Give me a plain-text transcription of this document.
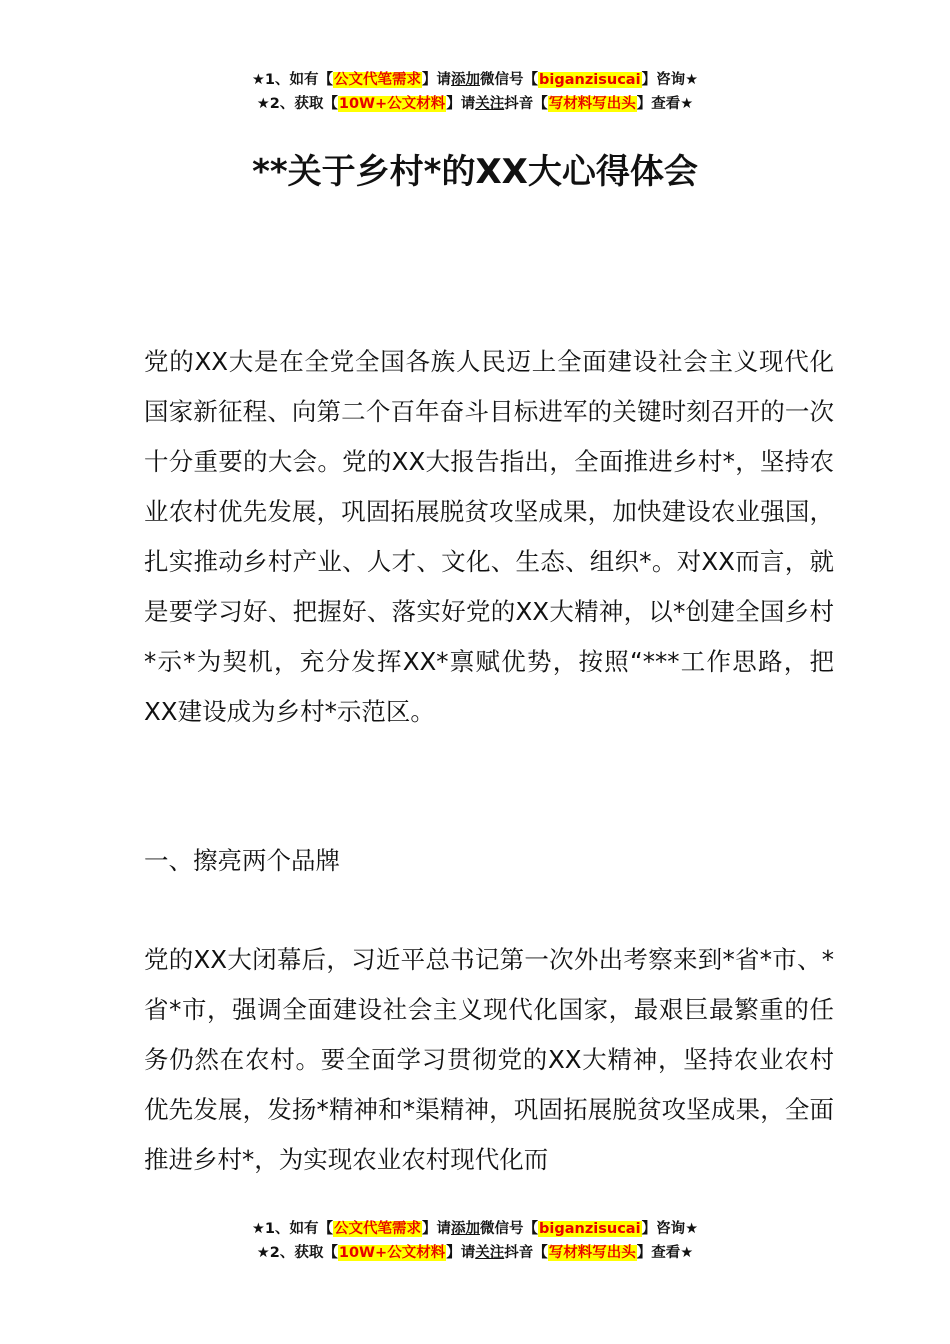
★1、如有【公文代笔需求】请添加微信号【biganzisucai】咨询★
★2、获取【10W+公文材料】请关注抖音【写材料写出头】查看★
**关于乡村*的XX大心得体会

党的XX大是在全党全国各族人民迈上全面建设社会主义现代化国家新征程、向第二个百年奋斗目标进军的关键时刻召开的一次十分重要的大会。党的XX大报告指出，全面推进乡村*，坚持农业农村优先发展，巩固拓展脱贫攻坚成果，加快建设农业强国，扎实推动乡村产业、人才、文化、生态、组织*。对XX而言，就是要学习好、把握好、落实好党的XX大精神，以*创建全国乡村*示*为契机，充分发挥XX*禀赋优势，按照“***工作思路，把XX建设成为乡村*示范区。

一、擦亮两个品牌

党的XX大闭幕后，习近平总书记第一次外出考察来到*省*市、*省*市，强调全面建设社会主义现代化国家，最艰巨最繁重的任务仍然在农村。要全面学习贯彻党的XX大精神，坚持农业农村优先发展，发扬*精神和*渠精神，巩固拓展脱贫攻坚成果，全面推进乡村*，为实现农业农村现代化而

★1、如有【公文代笔需求】请添加微信号【biganzisucai】咨询★
★2、获取【10W+公文材料】请关注抖音【写材料写出头】查看★
